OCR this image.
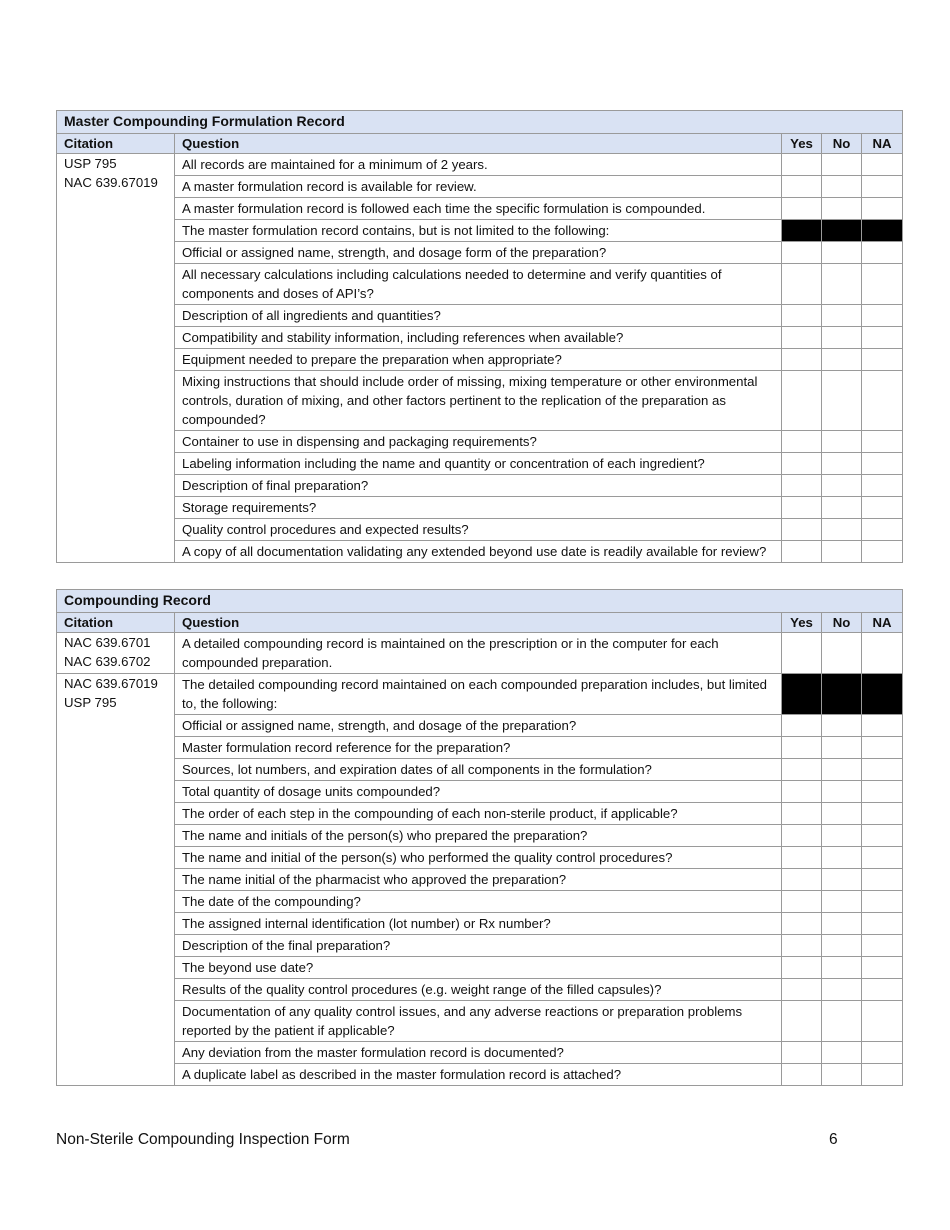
Master Compounding Formulation Record				
Citation	Question	Yes	No	NA

USP 795
NAC 639.67019	All records are maintained for a minimum of 2 years.			
	A master formulation record is available for review.			
	A master formulation record is followed each time the specific formulation is compounded.			
	The master formulation record contains, but is not limited to the following:			
	Official or assigned name, strength, and dosage form of the preparation?			
	All necessary calculations including calculations needed to determine and verify quantities of components and doses of API’s?			
	Description of all ingredients and quantities?			
	Compatibility and stability information, including references when available?			
	Equipment needed to prepare the preparation when appropriate?			
	Mixing instructions that should include order of missing, mixing temperature or other environmental controls, duration of mixing, and other factors pertinent to the replication of the preparation as compounded?			
	Container to use in dispensing and packaging requirements?			
	Labeling information including the name and quantity or concentration of each ingredient?			
	Description of final preparation?			
	Storage requirements?			
	Quality control procedures and expected results?			
	A copy of all documentation validating any extended beyond use date is readily available for review?			
Compounding Record				
Citation	Question	Yes	No	NA

NAC 639.6701
NAC 639.6702	A detailed compounding record is maintained on the prescription or in the computer for each compounded preparation.			

NAC 639.67019
USP 795	The detailed compounding record maintained on each compounded preparation includes, but limited to, the following:			
	Official or assigned name, strength, and dosage of the preparation?			
	Master formulation record reference for the preparation?			
	Sources, lot numbers, and expiration dates of all components in the formulation?			
	Total quantity of dosage units compounded?			
	The order of each step in the compounding of each non-sterile product, if applicable?			
	The name and initials of the person(s) who prepared the preparation?			
	The name and initial of the person(s) who performed the quality control procedures?			
	The name initial of the pharmacist who approved the preparation?			
	The date of the compounding?			
	The assigned internal identification (lot number) or Rx number?			
	Description of the final preparation?			
	The beyond use date?			
	Results of the quality control procedures (e.g. weight range of the filled capsules)?			
	Documentation of any quality control issues, and any adverse reactions or preparation problems reported by the patient if applicable?			
	Any deviation from the master formulation record is documented?			
	A duplicate label as described in the master formulation record is attached?			
Non-Sterile Compounding Inspection Form	6
